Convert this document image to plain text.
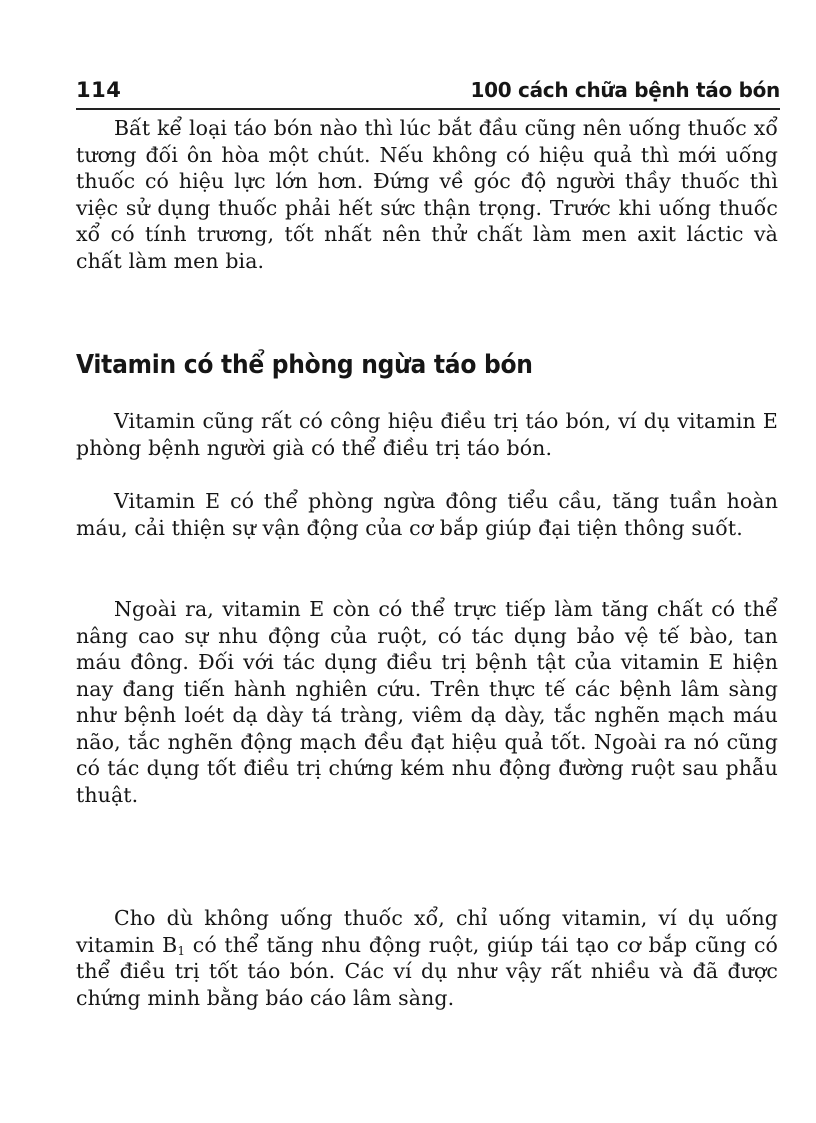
114	100 cách chữa bệnh táo bón

Bất kể loại táo bón nào thì lúc bắt đầu cũng nên uống thuốc xổ tương đối ôn hòa một chút. Nếu không có hiệu quả thì mới uống thuốc có hiệu lực lớn hơn. Đứng về góc độ người thầy thuốc thì việc sử dụng thuốc phải hết sức thận trọng. Trước khi uống thuốc xổ có tính trương, tốt nhất nên thử chất làm men axit láctic và chất làm men bia.

Vitamin có thể phòng ngừa táo bón

Vitamin cũng rất có công hiệu điều trị táo bón, ví dụ vitamin E phòng bệnh người già có thể điều trị táo bón.

Vitamin E có thể phòng ngừa đông tiểu cầu, tăng tuần hoàn máu, cải thiện sự vận động của cơ bắp giúp đại tiện thông suốt.

Ngoài ra, vitamin E còn có thể trực tiếp làm tăng chất có thể nâng cao sự nhu động của ruột, có tác dụng bảo vệ tế bào, tan máu đông. Đối với tác dụng điều trị bệnh tật của vitamin E hiện nay đang tiến hành nghiên cứu. Trên thực tế các bệnh lâm sàng như bệnh loét dạ dày tá tràng, viêm dạ dày, tắc nghẽn mạch máu não, tắc nghẽn động mạch đều đạt hiệu quả tốt. Ngoài ra nó cũng có tác dụng tốt điều trị chứng kém nhu động đường ruột sau phẫu thuật.

Cho dù không uống thuốc xổ, chỉ uống vitamin, ví dụ uống vitamin $B_1$ có thể tăng nhu động ruột, giúp tái tạo cơ bắp cũng có thể điều trị tốt táo bón. Các ví dụ như vậy rất nhiều và đã được chứng minh bằng báo cáo lâm sàng.
